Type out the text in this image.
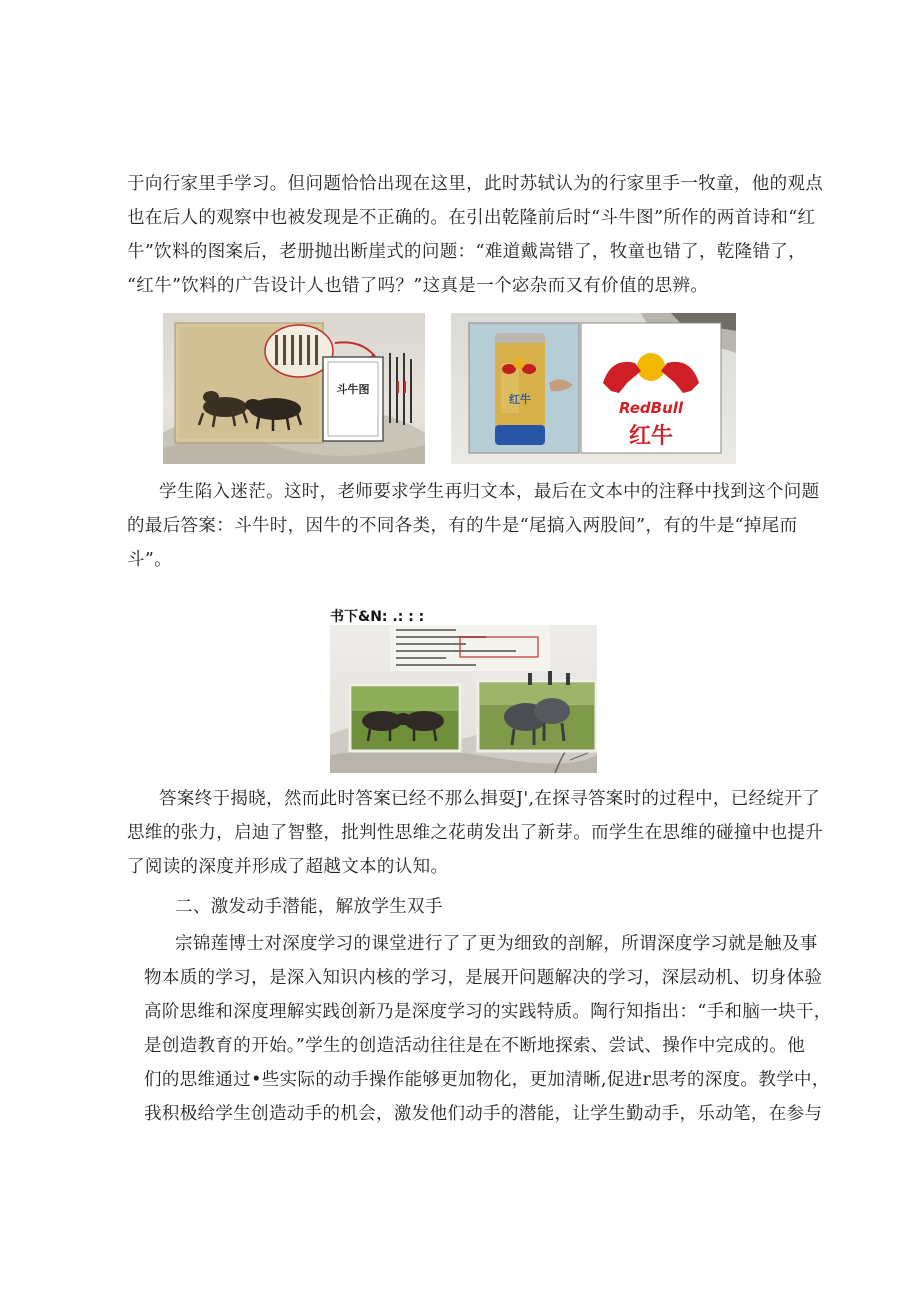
于向行家里手学习。但问题恰恰出现在这里，此时苏轼认为的行家里手一牧童，他的观点
也在后人的观察中也被发现是不正确的。在引出乾隆前后时“斗牛图”所作的两首诗和“红
牛”饮料的图案后，老册抛出断崖式的问题：“难道戴嵩错了，牧童也错了，乾隆错了，
“红牛”饮料的广告设计人也错了吗？”这真是一个宓杂而又有价值的思辨。
斗牛图
红牛	RedBull
红牛
学生陷入迷茫。这时，老师要求学生再归文本，最后在文本中的注释中找到这个问题
的最后答案：斗牛时，因牛的不同各类，有的牛是“尾搞入两股间”，有的牛是“掉尾而
斗”。
书下&N: .: : :
答案终于揭晓，然而此时答案已经不那么揖耍J',在探寻答案时的过程中，已经绽开了
思维的张力，启迪了智整，批判性思维之花萌发出了新芽。而学生在思维的碰撞中也提升
了阅读的深度并形成了超越文本的认知。
二、激发动手潜能，解放学生双手
宗锦莲博士对深度学习的课堂进行了了更为细致的剖解，所谓深度学习就是触及事
物本质的学习，是深入知识内核的学习，是展开问题解决的学习，深层动机、切身体验
高阶思维和深度理解实践创新乃是深度学习的实践特质。陶行知指出：“手和脑一块干，
是创造教育的开始。”学生的创造活动往往是在不断地探索、尝试、操作中完成的。他
们的思维通过•些实际的动手操作能够更加物化，更加清晰,促进r思考的深度。教学中，
我积极给学生创造动手的机会，激发他们动手的潜能，让学生勤动手，乐动笔，在参与
